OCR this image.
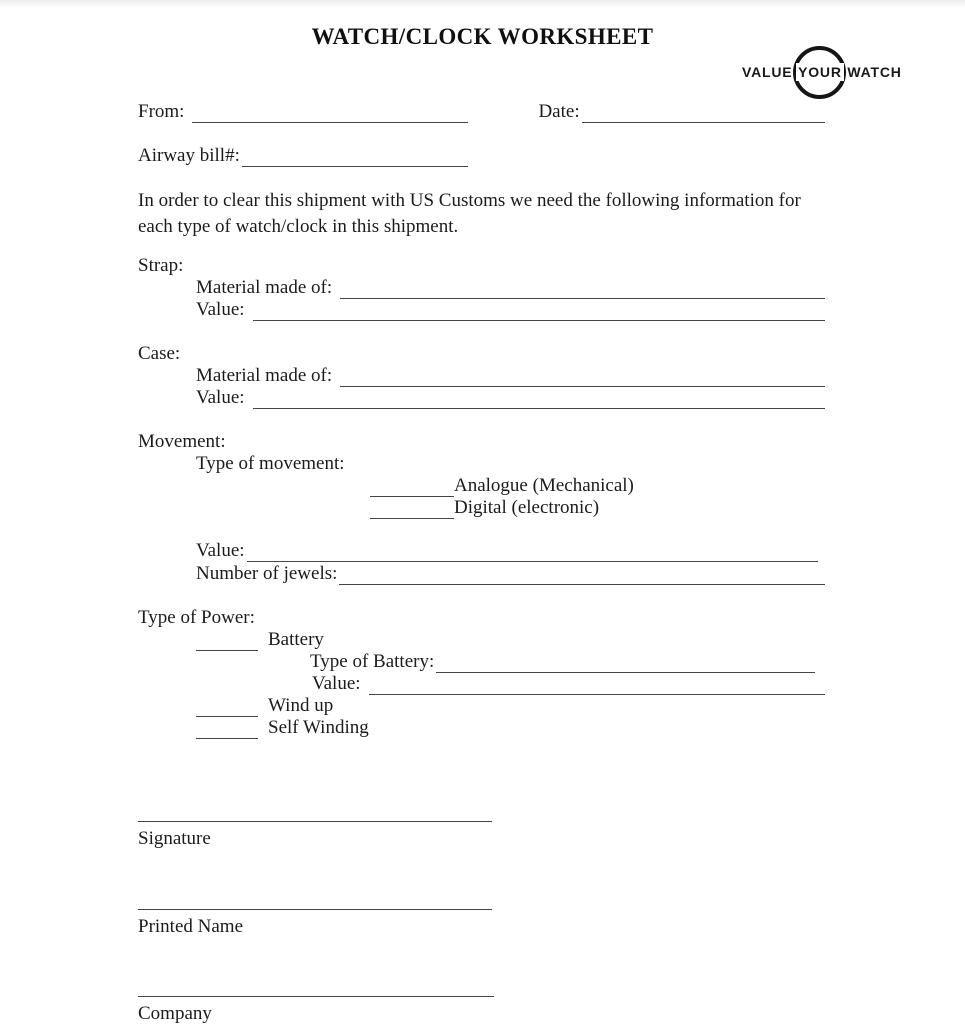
WATCH/CLOCK WORKSHEET
VALUE YOUR WATCH
From:	Date:
Airway bill#:

In order to clear this shipment with US Customs we need the following information for each type of watch/clock in this shipment.

Strap:
Material made of:
Value:
Case:
Material made of:
Value:
Movement:
Type of movement:
Analogue (Mechanical)
Digital (electronic)
Value:
Number of jewels:
Type of Power:
Battery
Type of Battery:
Value:
Wind up
Self Winding
Signature
Printed Name
Company
